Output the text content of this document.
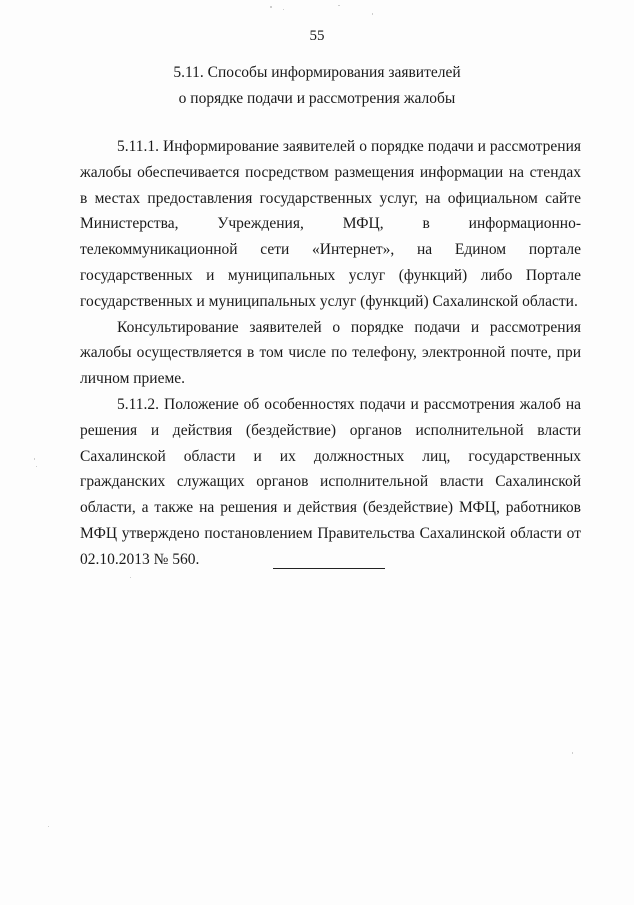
55
5.11. Способы информирования заявителей
о порядке подачи и рассмотрения жалобы

5.11.1. Информирование заявителей о порядке подачи и рассмотрения жалобы обеспечивается посредством размещения информации на стендах в местах предоставления государственных услуг, на официальном сайте Министерства, Учреждения, МФЦ, в информационно-телекоммуникационной сети «Интернет», на Едином портале государственных и муниципальных услуг (функций) либо Портале государственных и муниципальных услуг (функций) Сахалинской области.

Консультирование заявителей о порядке подачи и рассмотрения жалобы осуществляется в том числе по телефону, электронной почте, при личном приеме.

5.11.2. Положение об особенностях подачи и рассмотрения жалоб на решения и действия (бездействие) органов исполнительной власти Сахалинской области и их должностных лиц, государственных гражданских служащих органов исполнительной власти Сахалинской области, а также на решения и действия (бездействие) МФЦ, работников МФЦ утверждено постановлением Правительства Сахалинской области от 02.10.2013 № 560.
